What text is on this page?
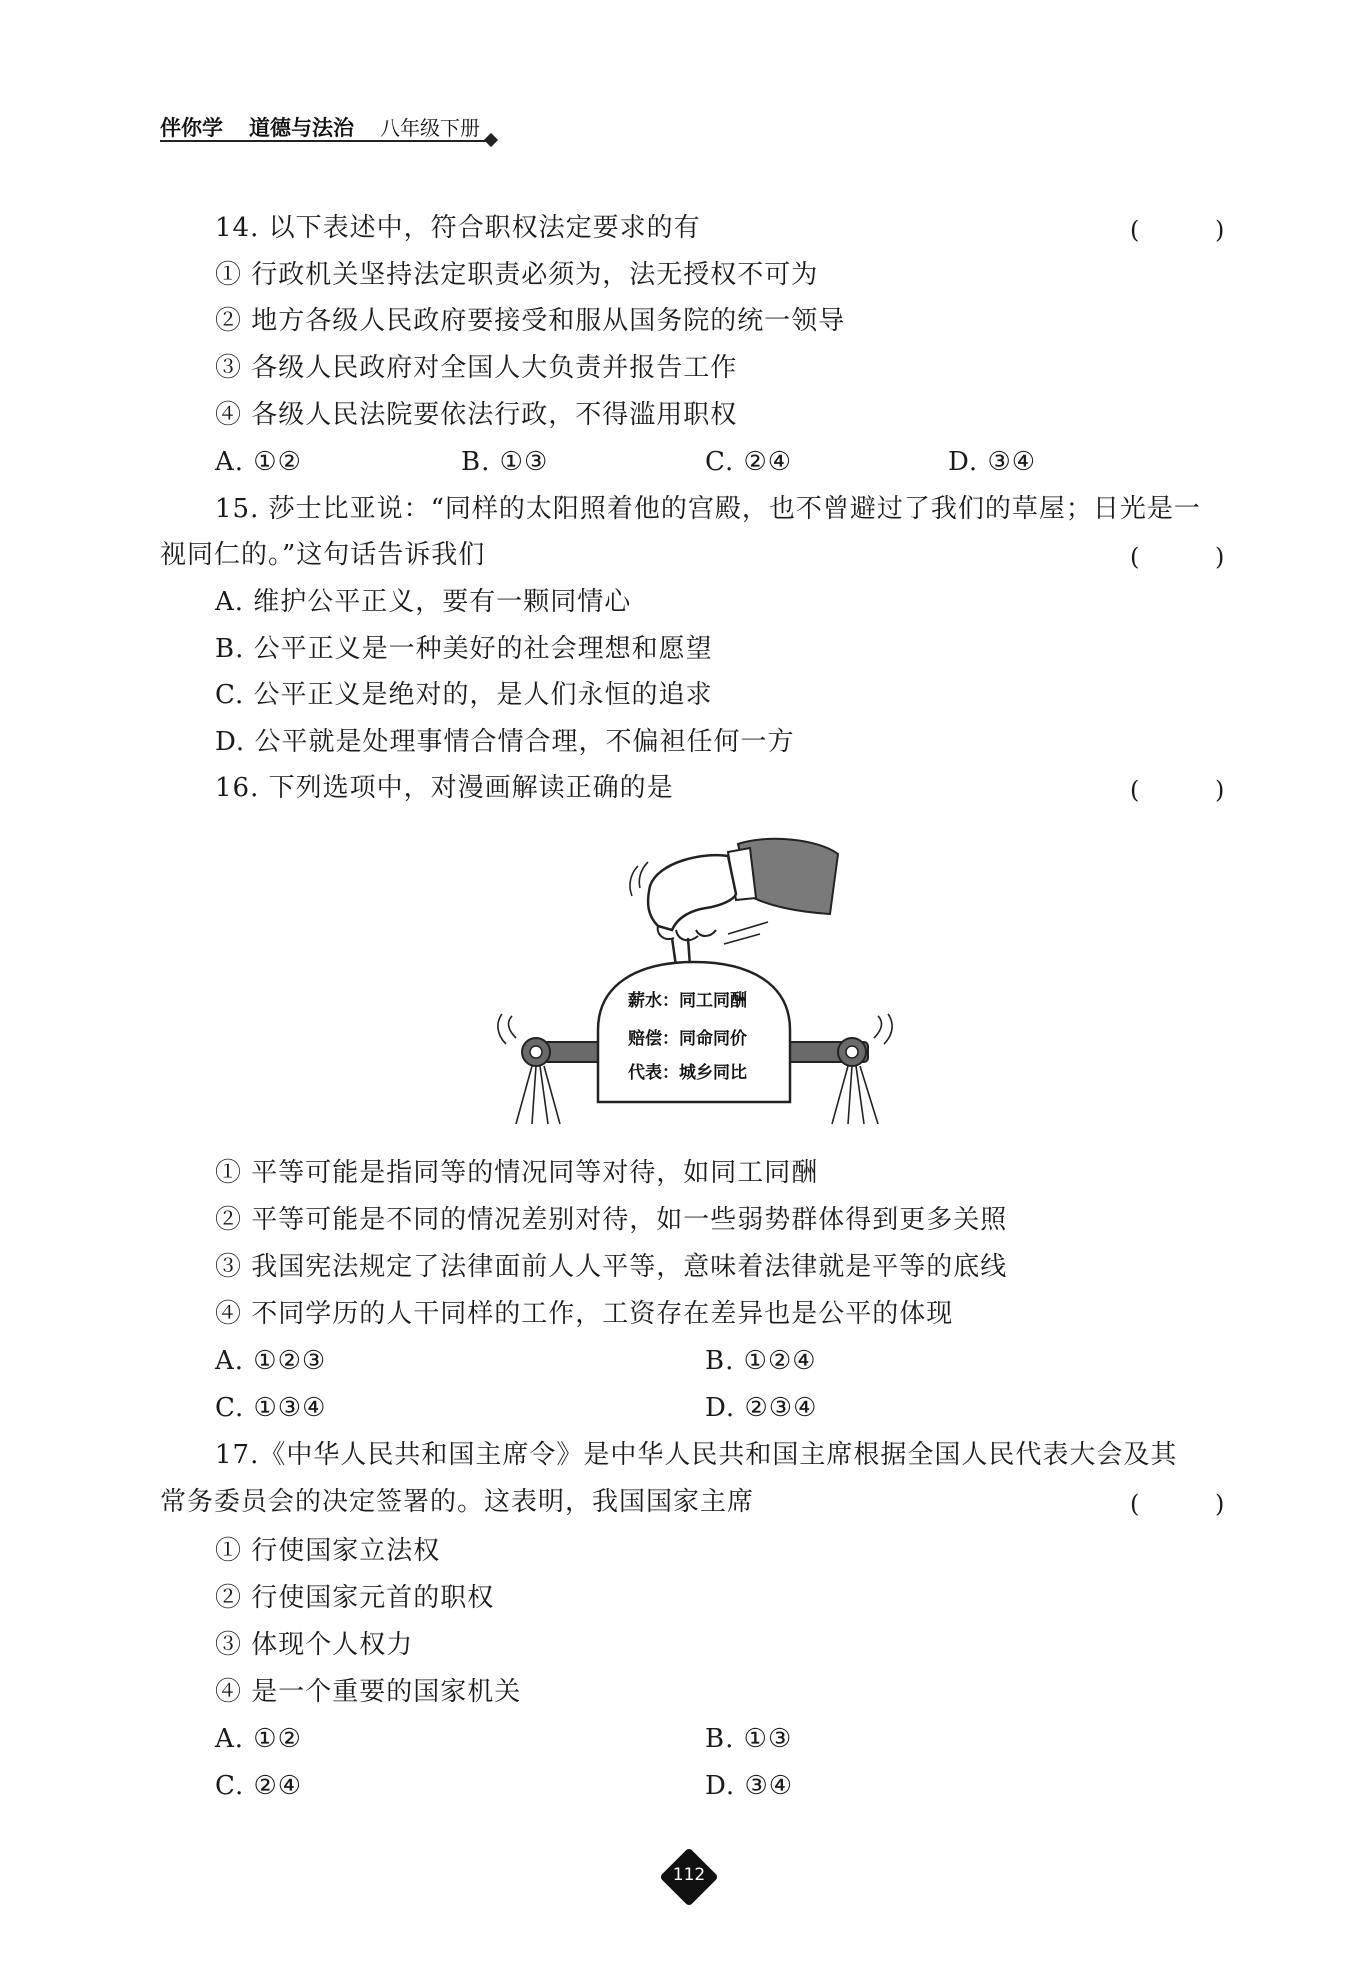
伴你学 道德与法治 八年级下册
14. 以下表述中，符合职权法定要求的有	( )
① 行政机关坚持法定职责必须为，法无授权不可为
② 地方各级人民政府要接受和服从国务院的统一领导
③ 各级人民政府对全国人大负责并报告工作
④ 各级人民法院要依法行政，不得滥用职权
A. ①②	B. ①③	C. ②④	D. ③④
15. 莎士比亚说：“同样的太阳照着他的宫殿，也不曾避过了我们的草屋；日光是一
视同仁的。”这句话告诉我们	( )
A. 维护公平正义，要有一颗同情心
B. 公平正义是一种美好的社会理想和愿望
C. 公平正义是绝对的，是人们永恒的追求
D. 公平就是处理事情合情合理，不偏袒任何一方
16. 下列选项中，对漫画解读正确的是	( )
薪水：同工同酬
赔偿：同命同价
代表：城乡同比
① 平等可能是指同等的情况同等对待，如同工同酬
② 平等可能是不同的情况差别对待，如一些弱势群体得到更多关照
③ 我国宪法规定了法律面前人人平等，意味着法律就是平等的底线
④ 不同学历的人干同样的工作，工资存在差异也是公平的体现
A. ①②③	B. ①②④
C. ①③④	D. ②③④
17.《中华人民共和国主席令》是中华人民共和国主席根据全国人民代表大会及其
常务委员会的决定签署的。这表明，我国国家主席	( )
① 行使国家立法权
② 行使国家元首的职权
③ 体现个人权力
④ 是一个重要的国家机关
A. ①②	B. ①③
C. ②④	D. ③④
112
